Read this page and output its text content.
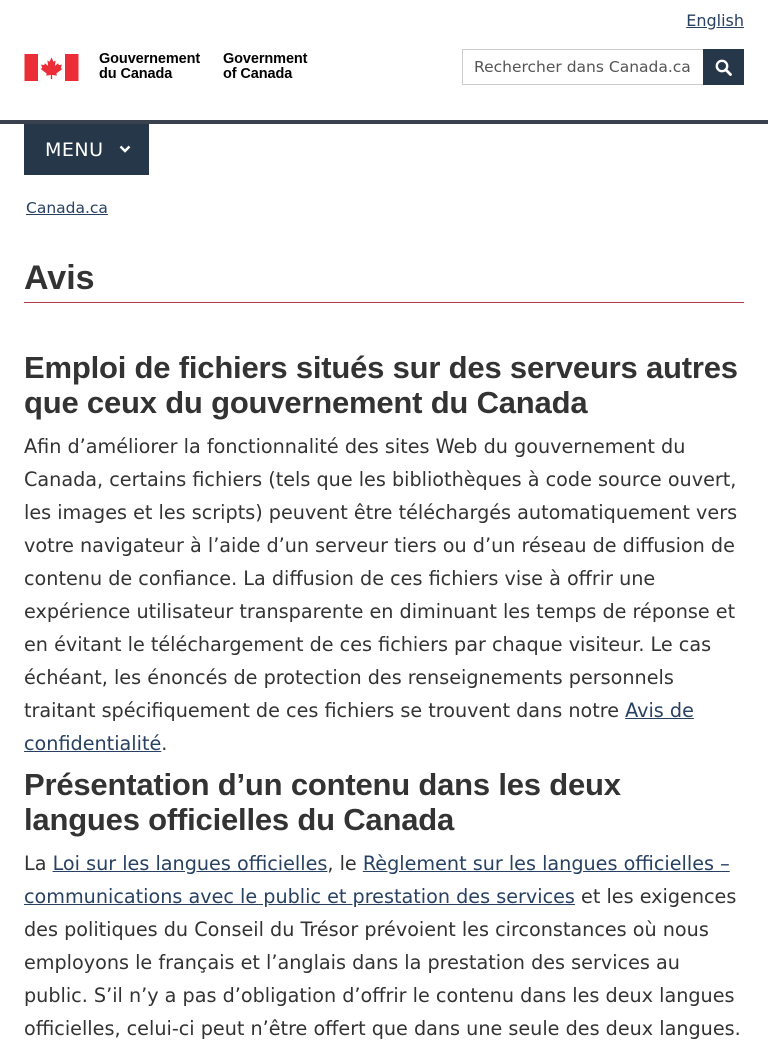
English
Gouvernement
du Canada
Government
of Canada
Rechercher dans Canada.ca
MENU
Canada.ca
Avis
Emploi de fichiers situés sur des serveurs autres que ceux du gouvernement du Canada

Afin d’améliorer la fonctionnalité des sites Web du gouvernement du Canada, certains fichiers (tels que les bibliothèques à code source ouvert, les images et les scripts) peuvent être téléchargés automatiquement vers votre navigateur à l’aide d’un serveur tiers ou d’un réseau de diffusion de contenu de confiance. La diffusion de ces fichiers vise à offrir une expérience utilisateur transparente en diminuant les temps de réponse et en évitant le téléchargement de ces fichiers par chaque visiteur. Le cas échéant, les énoncés de protection des renseignements personnels traitant spécifiquement de ces fichiers se trouvent dans notre Avis de confidentialité.

Présentation d’un contenu dans les deux langues officielles du Canada

La Loi sur les langues officielles, le Règlement sur les langues officielles – communications avec le public et prestation des services et les exigences des politiques du Conseil du Trésor prévoient les circonstances où nous employons le français et l’anglais dans la prestation des services au public. S’il n’y a pas d’obligation d’offrir le contenu dans les deux langues officielles, celui-ci peut n’être offert que dans une seule des deux langues.
